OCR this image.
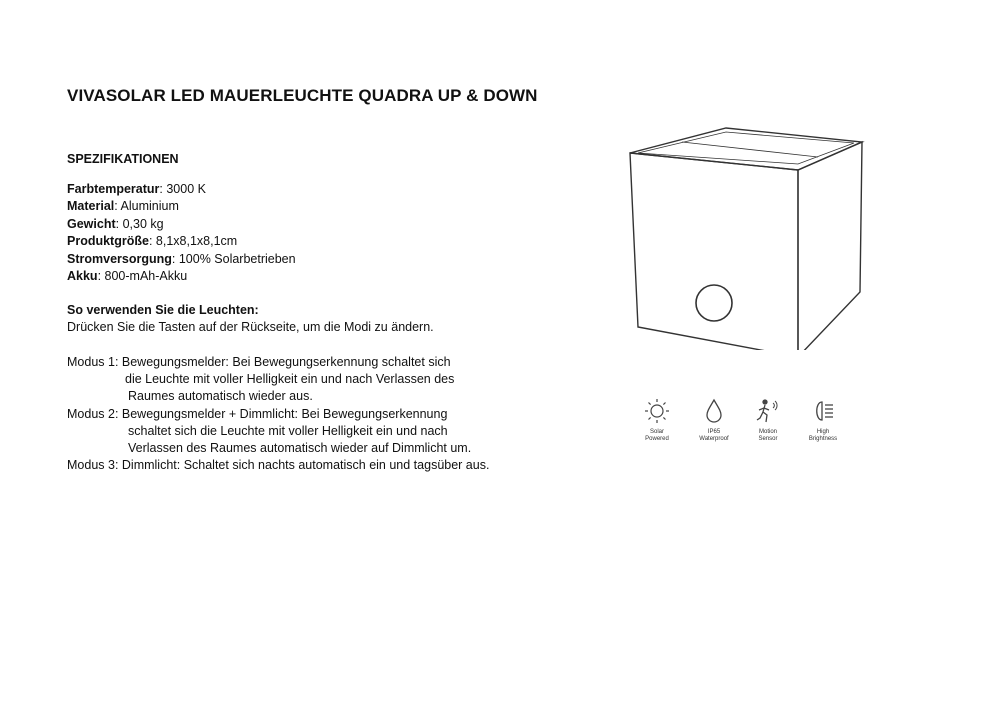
VIVASOLAR LED MAUERLEUCHTE QUADRA UP & DOWN
SPEZIFIKATIONEN
Farbtemperatur: 3000 K
Material: Aluminium
Gewicht: 0,30 kg
Produktgröße: 8,1x8,1x8,1cm
Stromversorgung: 100% Solarbetrieben
Akku: 800-mAh-Akku
So verwenden Sie die Leuchten:
Drücken Sie die Tasten auf der Rückseite, um die Modi zu ändern.
Modus 1: Bewegungsmelder: Bei Bewegungserkennung schaltet sich
die Leuchte mit voller Helligkeit ein und nach Verlassen des
Raumes automatisch wieder aus.
Modus 2: Bewegungsmelder + Dimmlicht: Bei Bewegungserkennung
schaltet sich die Leuchte mit voller Helligkeit ein und nach
Verlassen des Raumes automatisch wieder auf Dimmlicht um.
Modus 3: Dimmlicht: Schaltet sich nachts automatisch ein und tagsüber aus.
Solar
Powered
IP65
Waterproof
Motion
Sensor
High
Brightness
